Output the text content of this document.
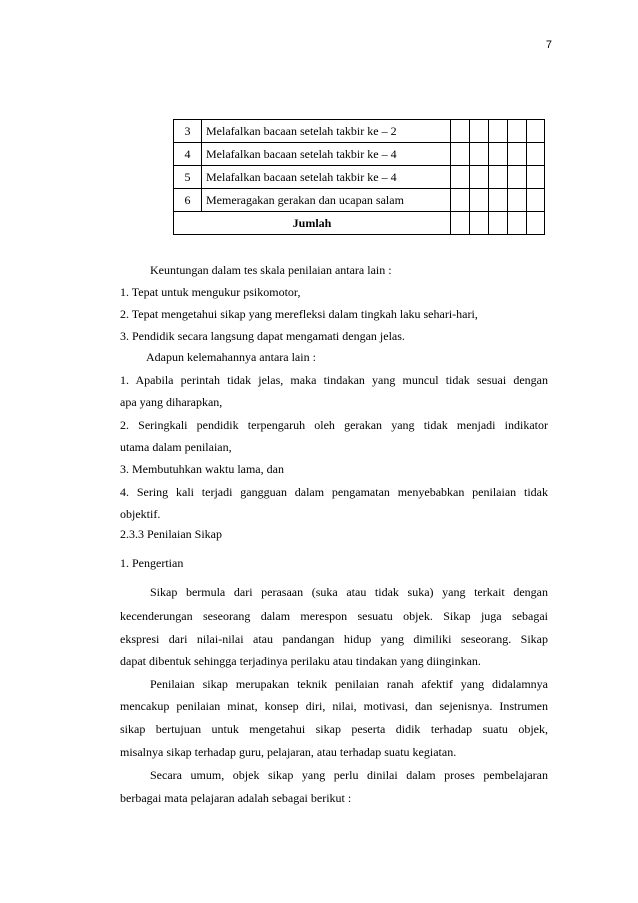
7
3	Melafalkan bacaan setelah takbir ke – 2					
4	Melafalkan bacaan setelah takbir ke – 4					
5	Melafalkan bacaan setelah takbir ke – 4					
6	Memeragakan gerakan dan ucapan salam					
Jumlah						
Keuntungan dalam tes skala penilaian antara lain :
1. Tepat untuk mengukur psikomotor,
2. Tepat mengetahui sikap yang merefleksi dalam tingkah laku sehari-hari,
3. Pendidik secara langsung dapat mengamati dengan jelas.
Adapun kelemahannya antara lain :
1. Apabila perintah tidak jelas, maka tindakan yang muncul tidak sesuai dengan
apa yang diharapkan,
2. Seringkali pendidik terpengaruh oleh gerakan yang tidak menjadi indikator
utama dalam penilaian,
3. Membutuhkan waktu lama, dan
4. Sering kali terjadi gangguan dalam pengamatan menyebabkan penilaian tidak
objektif.
2.3.3 Penilaian Sikap
1. Pengertian
Sikap bermula dari perasaan (suka atau tidak suka) yang terkait dengan
kecenderungan seseorang dalam merespon sesuatu objek. Sikap juga sebagai
ekspresi dari nilai-nilai atau pandangan hidup yang dimiliki seseorang. Sikap
dapat dibentuk sehingga terjadinya perilaku atau tindakan yang diinginkan.
Penilaian sikap merupakan teknik penilaian ranah afektif yang didalamnya
mencakup penilaian minat, konsep diri, nilai, motivasi, dan sejenisnya. Instrumen
sikap bertujuan untuk mengetahui sikap peserta didik terhadap suatu objek,
misalnya sikap terhadap guru, pelajaran, atau terhadap suatu kegiatan.
Secara umum, objek sikap yang perlu dinilai dalam proses pembelajaran
berbagai mata pelajaran adalah sebagai berikut :
